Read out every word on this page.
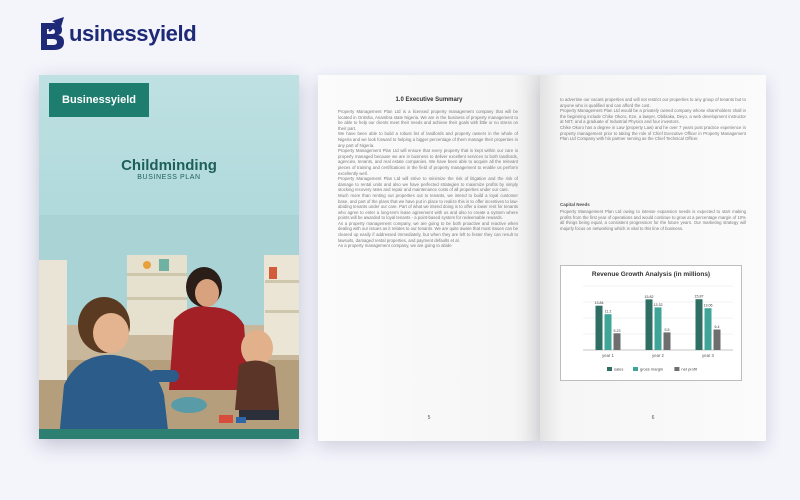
usinessyield
Businessyield
Childminding
BUSINESS PLAN
1.0 Executive Summary
Property Management Plan Ltd is a licensed property management company that will be located in Onitsha, Anambra state Nigeria. We are in the business of property management to be able to help our clients meet their needs and achieve their goals with little or no stress on their part.
We have been able to build a robust list of landlords and property owners in the whole of Nigeria and we look forward to helping a bigger percentage of them manage their properties in any part of Nigeria.
Property Management Plan Ltd will ensure that every property that is kept within our care is properly managed because we are in business to deliver excellent services to both landlords, agencies, tenants, and real estate companies. We have been able to acquire all the relevant pieces of training and certifications in the field of property management to enable us perform excellently well.
Property Management Plan Ltd will strive to minimize the risk of litigation and the risk of damage to rental units and also we have perfected strategies to maximize profits by simply stocking recovery rates and repair and maintenance costs of all properties under our care.
Much more than renting out properties out to tenants, we intend to build a loyal customer base, and part of the plans that we have put in place to realize this is to offer incentives to law-abiding tenants under our care. Part of what we intend doing is to offer a lower rent for tenants who agree to enter a long-term lease agreement with us and also to create a system where points will be awarded to loyal tenants - a point-based system for redeemable rewards.
As a property management company, we are going to be both proactive and reactive when dealing with our issues as it relates to our tenants. We are quite aware that most issues can be cleared up easily if addressed immediately, but when they are left to fester they can result to lawsuits, damaged rental properties, and payment defaults et al.
As a property management company, we are going to abide
5
to advertise our vacant properties and will not restrict our properties to any group of tenants but to anyone who is qualified and can afford the cost.
Property Management Plan Ltd would be a privately owned company whose shareholders shall in the beginning include Chike Okoro, Eze, a lawyer, Obibiaka, Deyo, a web development instructor at NIIT, and a graduate of Industrial Physics and four investors.
Chike Okoro has a degree in Law (property Law) and he over 7 years post practice experience in property management prior to taking the role of Chief Executive Officer in Property Management Plan Ltd Company with his partner serving as the Chief Technical Officer.
Capital Needs
Property Management Plan Ltd owing to intense expansion needs is expected to start making profits from the first year of operations and would continue to grow at a percentage margin of 10% all things being equal, a consistent progression for the future years. Our marketing strategy will majorly focus on networking which is vital to this line of business.
Revenue Growth Analysis (in millions)
13.84
11.2
5.23
year 1
15.82
13.32
5.5
year 2
15.87
13.06
6.4
year 3
sales	gross margin	net profit
6
